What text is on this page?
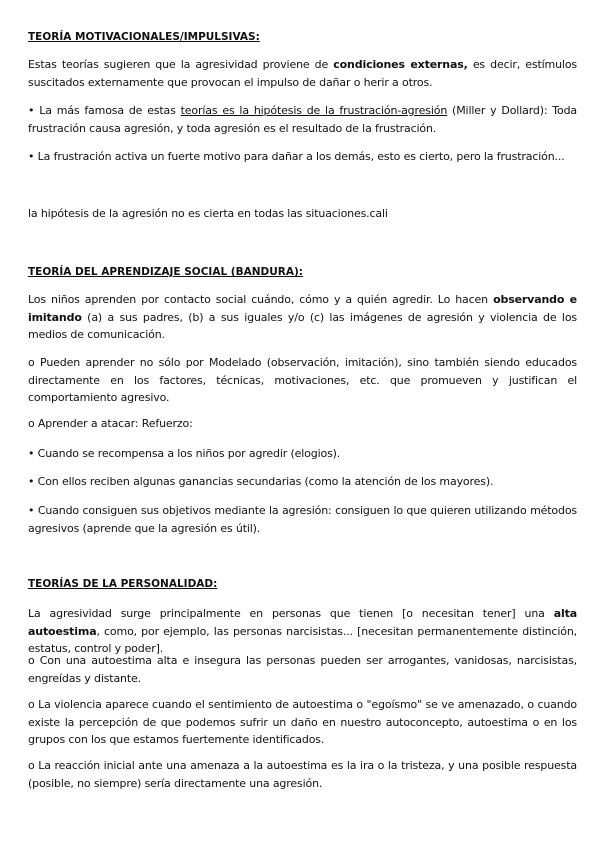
TEORÍA MOTIVACIONALES/IMPULSIVAS:

Estas teorías sugieren que la agresividad proviene de condiciones externas, es decir, estímulos suscitados externamente que provocan el impulso de dañar o herir a otros.

• La más famosa de estas teorías es la hipótesis de la frustración-agresión (Miller y Dollard): Toda frustración causa agresión, y toda agresión es el resultado de la frustración.

• La frustración activa un fuerte motivo para dañar a los demás, esto es cierto, pero la frustración...

la hipótesis de la agresión no es cierta en todas las situaciones.cali

TEORÍA DEL APRENDIZAJE SOCIAL (BANDURA):

Los niños aprenden por contacto social cuándo, cómo y a quién agredir. Lo hacen observando e imitando (a) a sus padres, (b) a sus iguales y/o (c) las imágenes de agresión y violencia de los medios de comunicación.

o Pueden aprender no sólo por Modelado (observación, imitación), sino también siendo educados directamente en los factores, técnicas, motivaciones, etc. que promueven y justifican el comportamiento agresivo.

o Aprender a atacar: Refuerzo:

• Cuando se recompensa a los niños por agredir (elogios).

• Con ellos reciben algunas ganancias secundarias (como la atención de los mayores).

• Cuando consiguen sus objetivos mediante la agresión: consiguen lo que quieren utilizando métodos agresivos (aprende que la agresión es útil).

TEORÍAS DE LA PERSONALIDAD:

La agresividad surge principalmente en personas que tienen [o necesitan tener] una alta autoestima, como, por ejemplo, las personas narcisistas... [necesitan permanentemente distinción, estatus, control y poder].

o Con una autoestima alta e insegura las personas pueden ser arrogantes, vanidosas, narcisistas, engreídas y distante.

o La violencia aparece cuando el sentimiento de autoestima o "egoísmo" se ve amenazado, o cuando existe la percepción de que podemos sufrir un daño en nuestro autoconcepto, autoestima o en los grupos con los que estamos fuertemente identificados.

o La reacción inicial ante una amenaza a la autoestima es la ira o la tristeza, y una posible respuesta (posible, no siempre) sería directamente una agresión.
